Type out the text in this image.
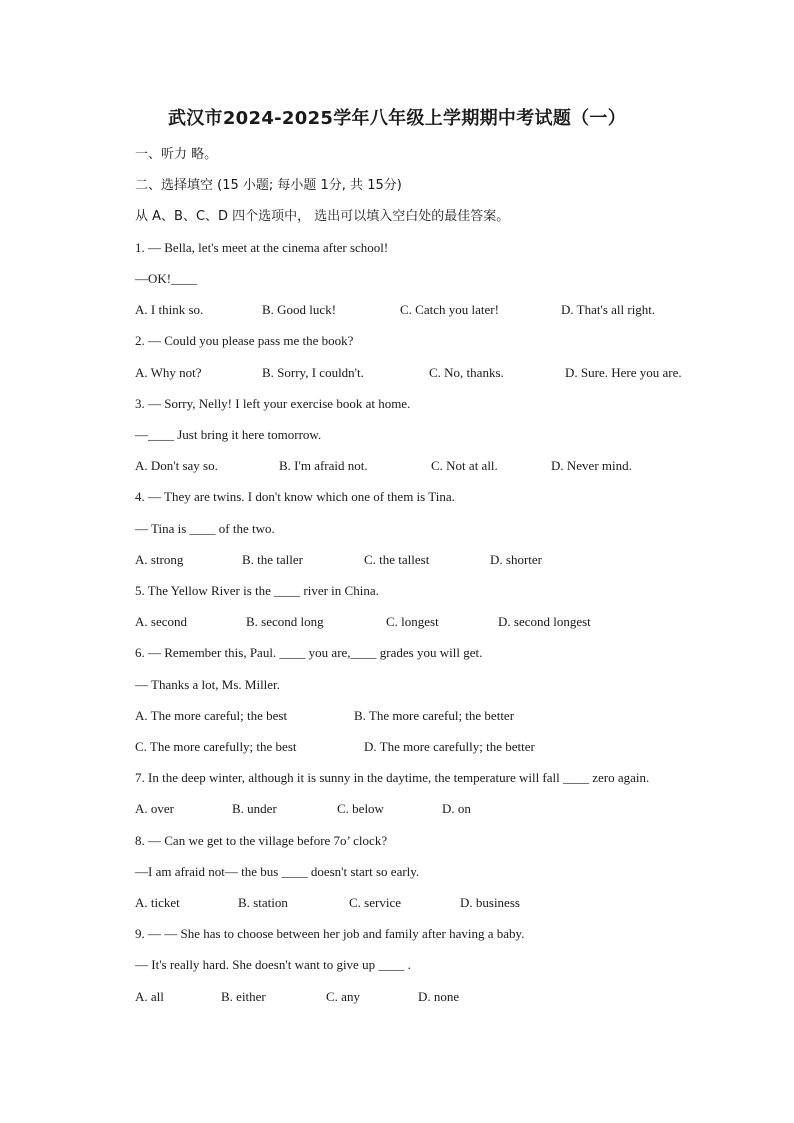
武汉市2024-2025学年八年级上学期期中考试题（一）
一、听力 略。
二、选择填空 (15 小题; 每小题 1分, 共 15分)
从 A、B、C、D 四个选项中， 选出可以填入空白处的最佳答案。
1. — Bella, let's meet at the cinema after school!
—OK!____
A. I think so.	B. Good luck!	C. Catch you later!	D. That's all right.
2. — Could you please pass me the book?
A. Why not?	B. Sorry, I couldn't.	C. No, thanks.	D. Sure. Here you are.
3. — Sorry, Nelly! I left your exercise book at home.
—____ Just bring it here tomorrow.
A. Don't say so.	B. I'm afraid not.	C. Not at all.	D. Never mind.
4. — They are twins. I don't know which one of them is Tina.
— Tina is ____ of the two.
A. strong	B. the taller	C. the tallest	D. shorter
5. The Yellow River is the ____ river in China.
A. second	B. second long	C. longest	D. second longest
6. — Remember this, Paul. ____ you are,____ grades you will get.
— Thanks a lot, Ms. Miller.
A. The more careful; the best	B. The more careful; the better
C. The more carefully; the best	D. The more carefully; the better
7. In the deep winter, although it is sunny in the daytime, the temperature will fall ____ zero again.
A. over	B. under	C. below	D. on
8. — Can we get to the village before 7o’ clock?
—I am afraid not— the bus ____ doesn't start so early.
A. ticket	B. station	C. service	D. business
9. — — She has to choose between her job and family after having a baby.
— It's really hard. She doesn't want to give up ____ .
A. all	B. either	C. any	D. none
